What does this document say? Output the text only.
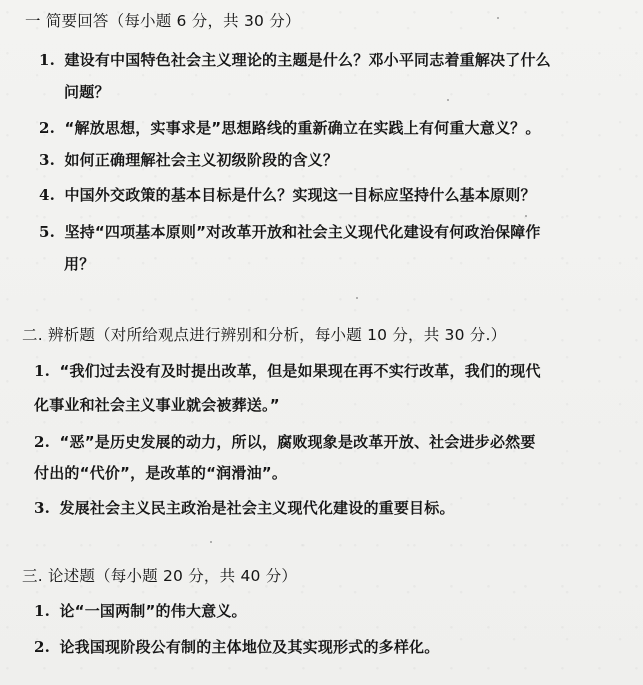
一 简要回答（每小题 6 分，共 30 分）
1. 建设有中国特色社会主义理论的主题是什么？邓小平同志着重解决了什么
问题？
2. “解放思想，实事求是”思想路线的重新确立在实践上有何重大意义？。
3. 如何正确理解社会主义初级阶段的含义？
4. 中国外交政策的基本目标是什么？实现这一目标应坚持什么基本原则？
5. 坚持“四项基本原则”对改革开放和社会主义现代化建设有何政治保障作
用？
二. 辨析题（对所给观点进行辨别和分析，每小题 10 分，共 30 分.）
1. “我们过去没有及时提出改革，但是如果现在再不实行改革，我们的现代
化事业和社会主义事业就会被葬送。”
2. “恶”是历史发展的动力，所以，腐败现象是改革开放、社会进步必然要
付出的“代价”，是改革的“润滑油”。
3. 发展社会主义民主政治是社会主义现代化建设的重要目标。
三. 论述题（每小题 20 分，共 40 分）
1. 论“一国两制”的伟大意义。
2. 论我国现阶段公有制的主体地位及其实现形式的多样化。
